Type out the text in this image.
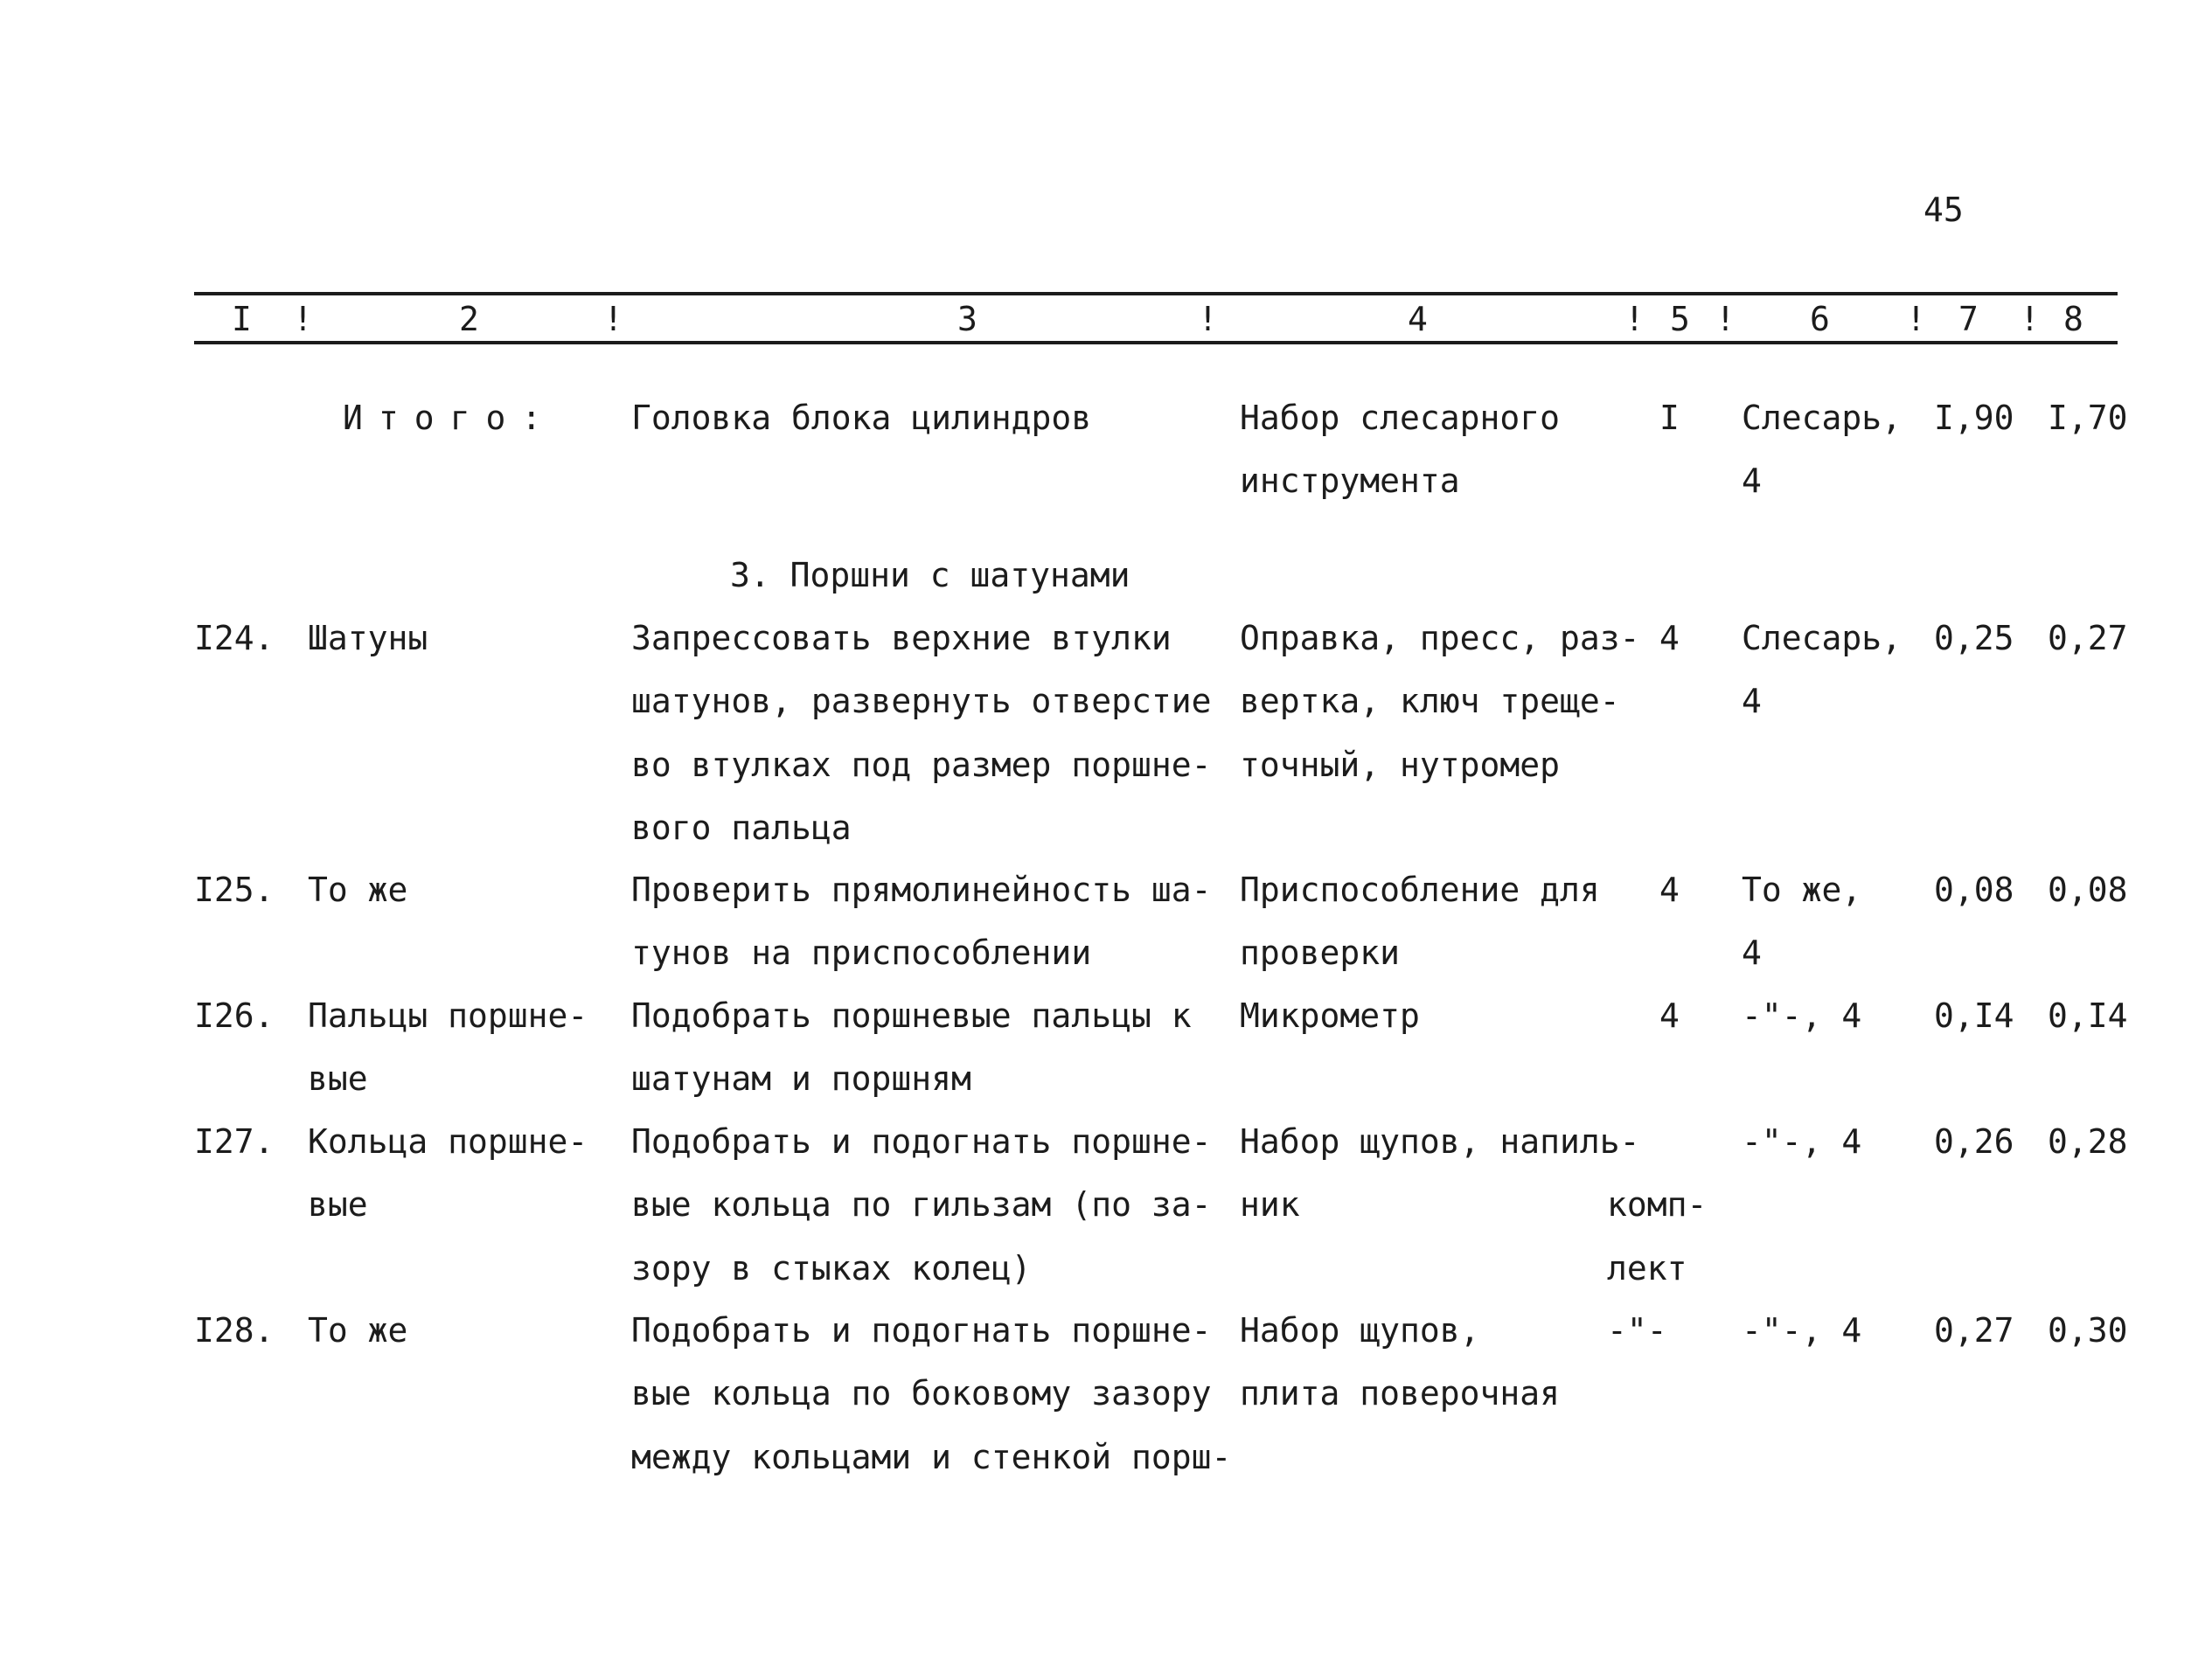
45
I !	2	!	3	!	4	! 5 ! 6 ! 7 ! 8
Итого: Головка блока цилиндров	Набор слесарного
инструмента
I Слесарь,
4
I,90 I,70
3. Поршни с шатунами
I24. Шатуны	Запрессовать верхние втулки
шатунов, развернуть отверстие
во втулках под размер поршне-
вого пальца
Оправка, пресс, раз-
вертка, ключ треще-
точный, нутромер
4 Слесарь,
4
0,25 0,27
I25. То же	Проверить прямолинейность ша-
тунов на приспособлении
Приспособление для
проверки
4 То же,
4
0,08 0,08
I26. Пальцы поршне-
вые
Подобрать поршневые пальцы к
шатунам и поршням
Микрометр	4 -"-, 4 0,I4 0,I4
I27. Кольца поршне-
вые
Подобрать и подогнать поршне-
вые кольца по гильзам (по за-
зору в стыках колец)
Набор щупов, напиль-
ник	комп-
лект
-"-, 4 0,26 0,28
I28. То же	Подобрать и подогнать поршне-
вые кольца по боковому зазору
между кольцами и стенкой порш-
Набор щупов,
плита поверочная
-"- -"-, 4 0,27 0,30
